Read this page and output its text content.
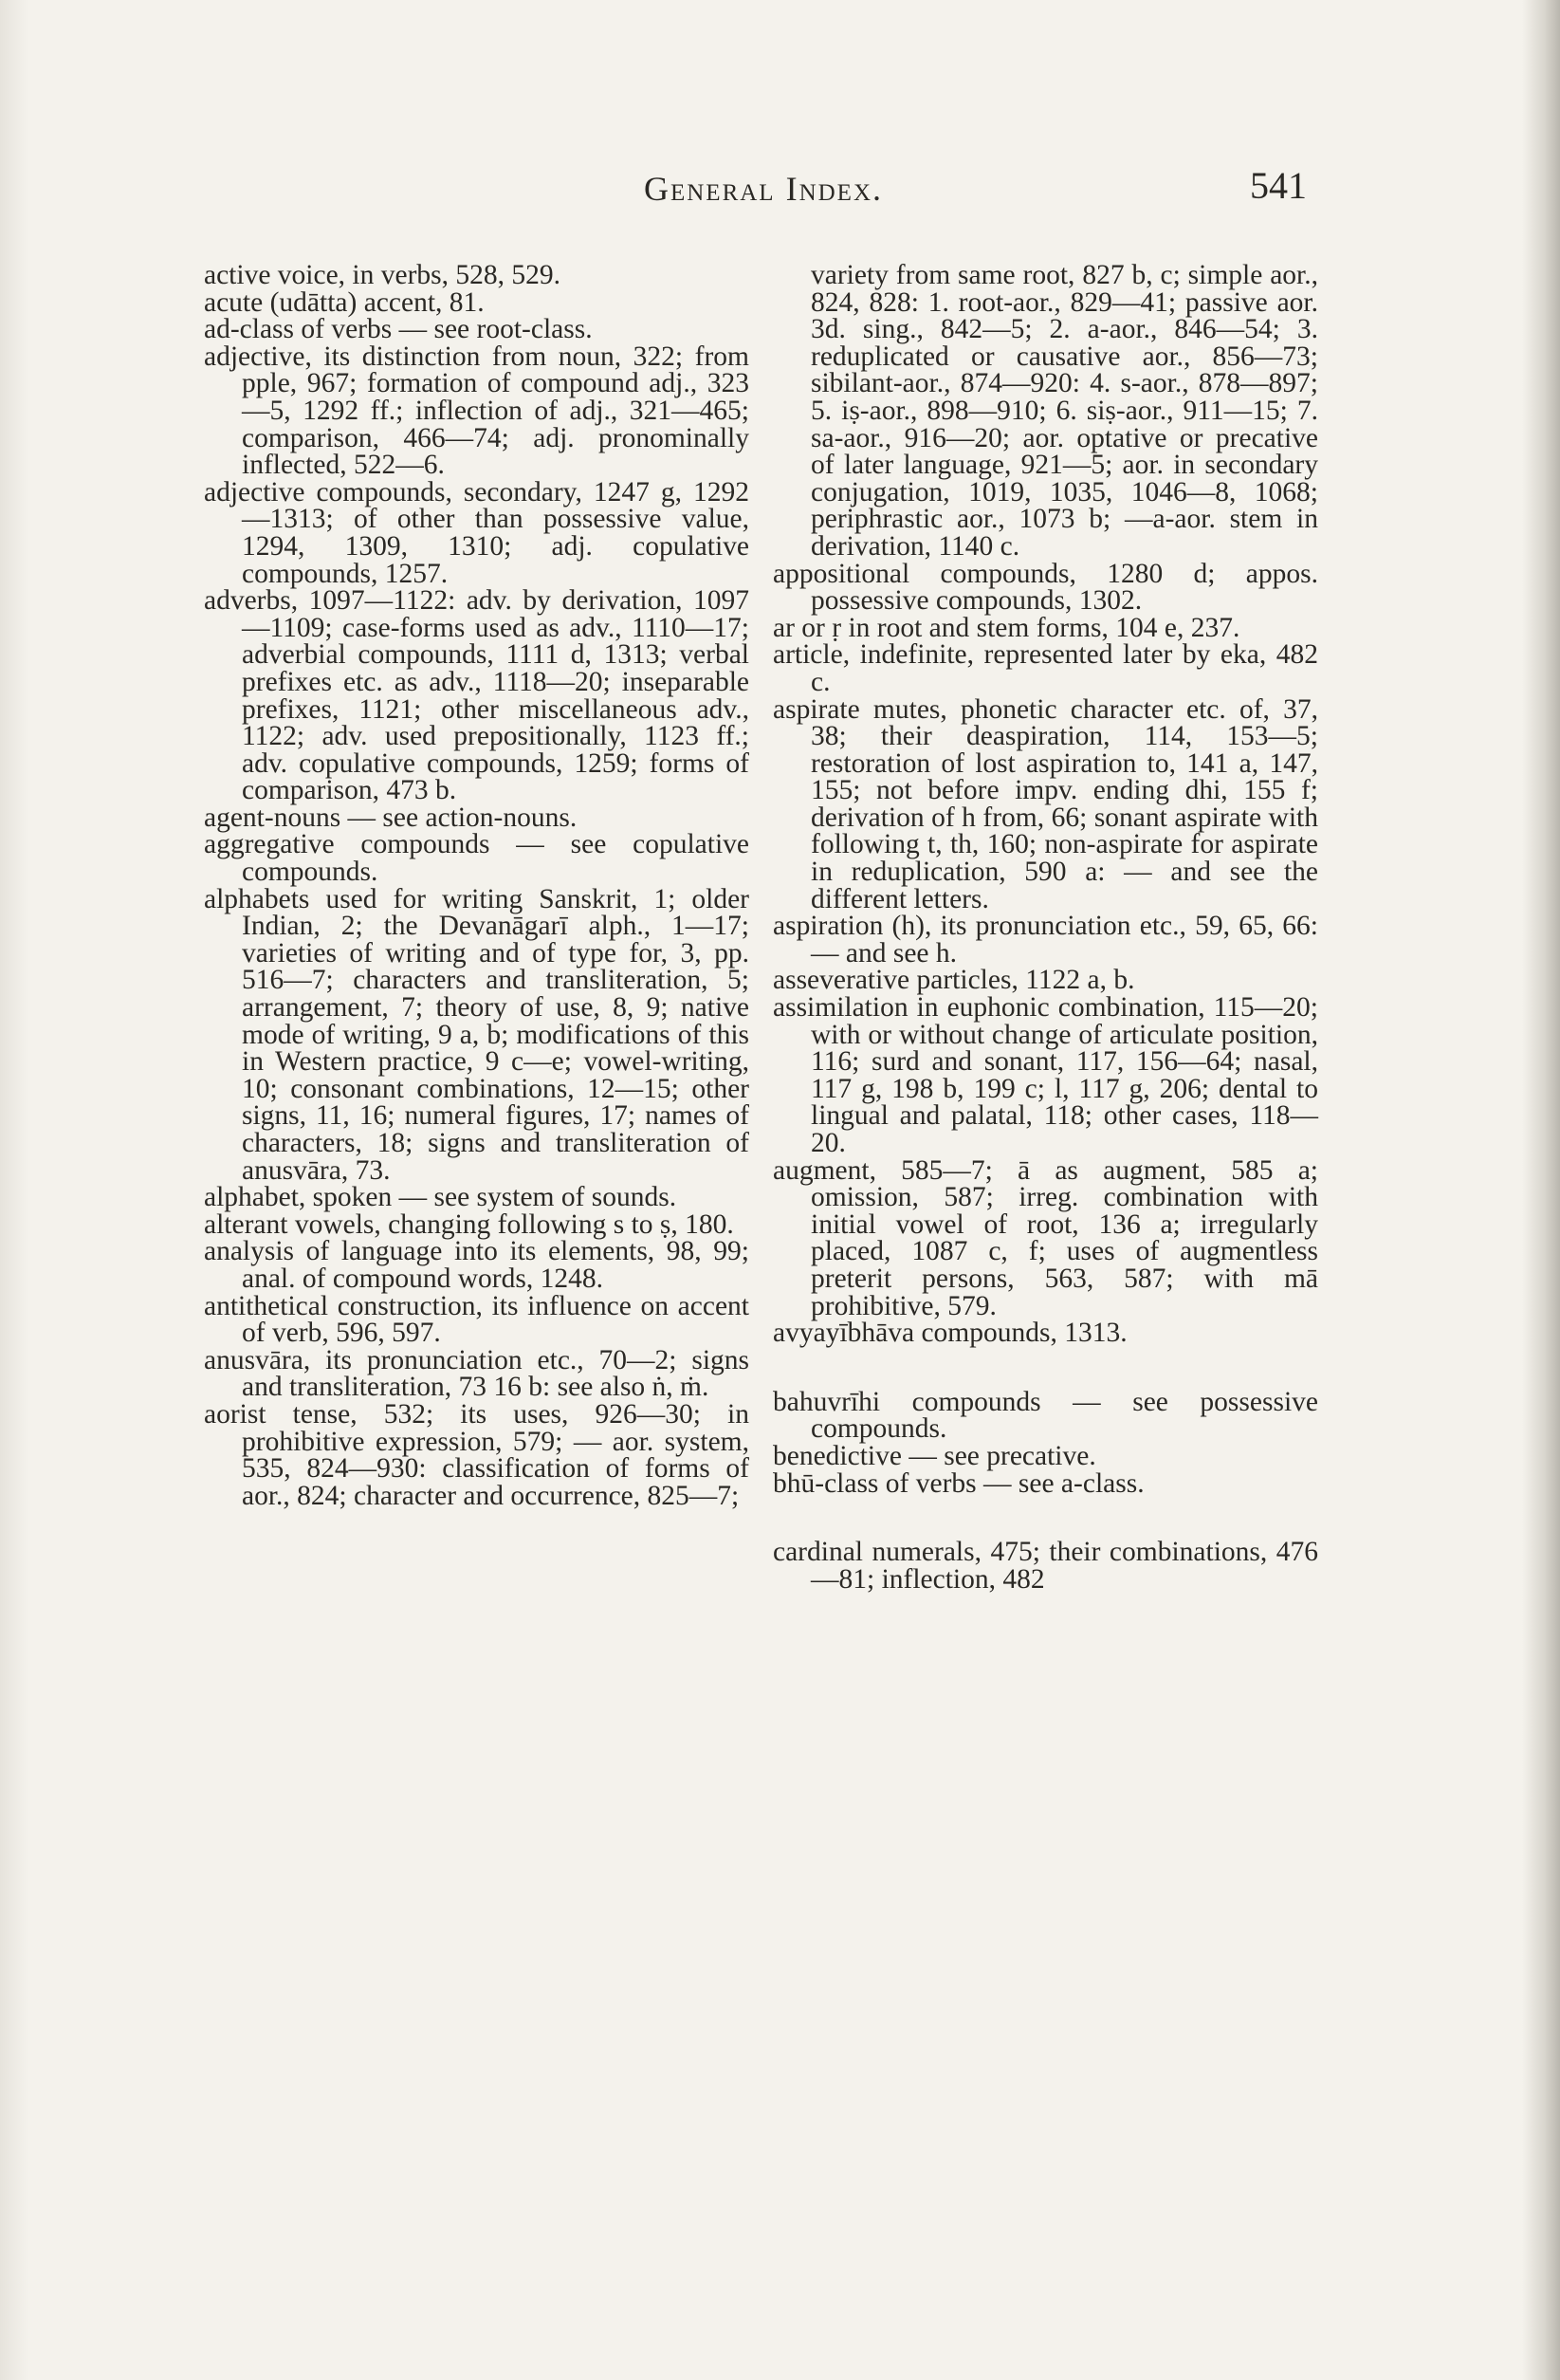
General Index.	541
active voice, in verbs, 528, 529.
acute (udātta) accent, 81.
ad-class of verbs — see root-class.
adjective, its distinction from noun, 322; from pple, 967; formation of compound adj., 323—5, 1292 ff.; inflection of adj., 321—465; comparison, 466—74; adj. pronominally inflected, 522—6.
adjective compounds, secondary, 1247 g, 1292—1313; of other than possessive value, 1294, 1309, 1310; adj. copulative compounds, 1257.
adverbs, 1097—1122: adv. by derivation, 1097—1109; case-forms used as adv., 1110—17; adverbial compounds, 1111 d, 1313; verbal prefixes etc. as adv., 1118—20; inseparable prefixes, 1121; other miscellaneous adv., 1122; adv. used prepositionally, 1123 ff.; adv. copulative compounds, 1259; forms of comparison, 473 b.
agent-nouns — see action-nouns.
aggregative compounds — see copulative compounds.
alphabets used for writing Sanskrit, 1; older Indian, 2; the Devanāgarī alph., 1—17; varieties of writing and of type for, 3, pp. 516—7; characters and transliteration, 5; arrangement, 7; theory of use, 8, 9; native mode of writing, 9 a, b; modifications of this in Western practice, 9 c—e; vowel-writing, 10; consonant combinations, 12—15; other signs, 11, 16; numeral figures, 17; names of characters, 18; signs and transliteration of anusvāra, 73.
alphabet, spoken — see system of sounds.
alterant vowels, changing following s to ṣ, 180.
analysis of language into its elements, 98, 99; anal. of compound words, 1248.
antithetical construction, its influence on accent of verb, 596, 597.
anusvāra, its pronunciation etc., 70—2; signs and transliteration, 73 16 b: see also ṅ, ṁ.
aorist tense, 532; its uses, 926—30; in prohibitive expression, 579; — aor. system, 535, 824—930: classification of forms of aor., 824; character and occurrence, 825—7;
variety from same root, 827 b, c; simple aor., 824, 828: 1. root-aor., 829—41; passive aor. 3d. sing., 842—5; 2. a-aor., 846—54; 3. reduplicated or causative aor., 856—73; sibilant-aor., 874—920: 4. s-aor., 878—897; 5. iṣ-aor., 898—910; 6. siṣ-aor., 911—15; 7. sa-aor., 916—20; aor. optative or precative of later language, 921—5; aor. in secondary conjugation, 1019, 1035, 1046—8, 1068; periphrastic aor., 1073 b; —a-aor. stem in derivation, 1140 c.
appositional compounds, 1280 d; appos. possessive compounds, 1302.
ar or ṛ in root and stem forms, 104 e, 237.
article, indefinite, represented later by eka, 482 c.
aspirate mutes, phonetic character etc. of, 37, 38; their deaspiration, 114, 153—5; restoration of lost aspiration to, 141 a, 147, 155; not before impv. ending dhi, 155 f; derivation of h from, 66; sonant aspirate with following t, th, 160; non-aspirate for aspirate in reduplication, 590 a: — and see the different letters.
aspiration (h), its pronunciation etc., 59, 65, 66: — and see h.
asseverative particles, 1122 a, b.
assimilation in euphonic combination, 115—20; with or without change of articulate position, 116; surd and sonant, 117, 156—64; nasal, 117 g, 198 b, 199 c; l, 117 g, 206; dental to lingual and palatal, 118; other cases, 118—20.
augment, 585—7; ā as augment, 585 a; omission, 587; irreg. combination with initial vowel of root, 136 a; irregularly placed, 1087 c, f; uses of augmentless preterit persons, 563, 587; with mā prohibitive, 579.
avyayībhāva compounds, 1313.
bahuvrīhi compounds — see possessive compounds.
benedictive — see precative.
bhū-class of verbs — see a-class.
cardinal numerals, 475; their combinations, 476—81; inflection, 482
